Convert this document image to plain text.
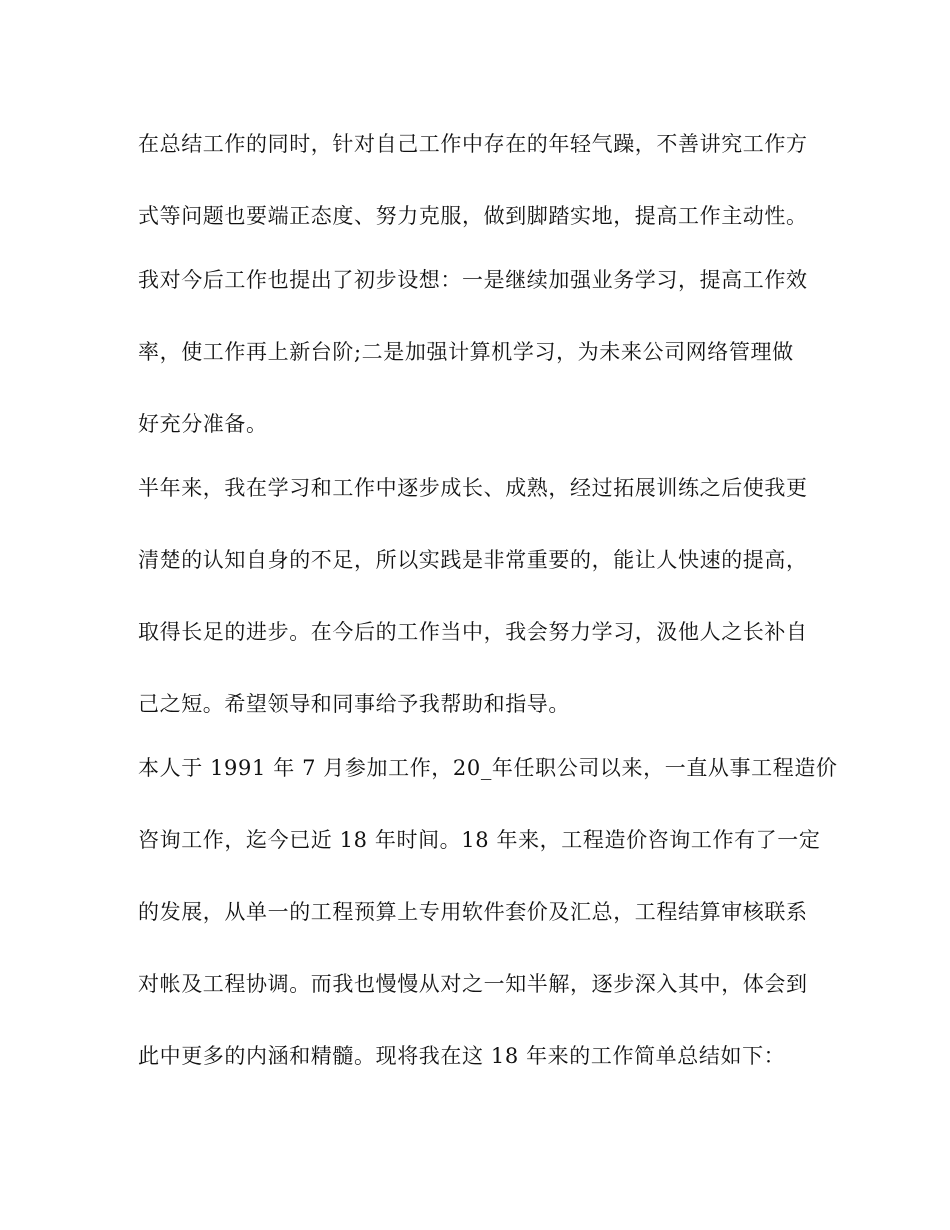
在总结工作的同时，针对自己工作中存在的年轻气躁，不善讲究工作方
式等问题也要端正态度、努力克服，做到脚踏实地，提高工作主动性。
我对今后工作也提出了初步设想：一是继续加强业务学习，提高工作效
率，使工作再上新台阶;二是加强计算机学习，为未来公司网络管理做
好充分准备。
半年来，我在学习和工作中逐步成长、成熟，经过拓展训练之后使我更
清楚的认知自身的不足，所以实践是非常重要的，能让人快速的提高，
取得长足的进步。在今后的工作当中，我会努力学习，汲他人之长补自
己之短。希望领导和同事给予我帮助和指导。
本人于 1991 年 7 月参加工作，20_年任职公司以来，一直从事工程造价
咨询工作，迄今已近 18 年时间。18 年来，工程造价咨询工作有了一定
的发展，从单一的工程预算上专用软件套价及汇总，工程结算审核联系
对帐及工程协调。而我也慢慢从对之一知半解，逐步深入其中，体会到
此中更多的内涵和精髓。现将我在这 18 年来的工作简单总结如下：
